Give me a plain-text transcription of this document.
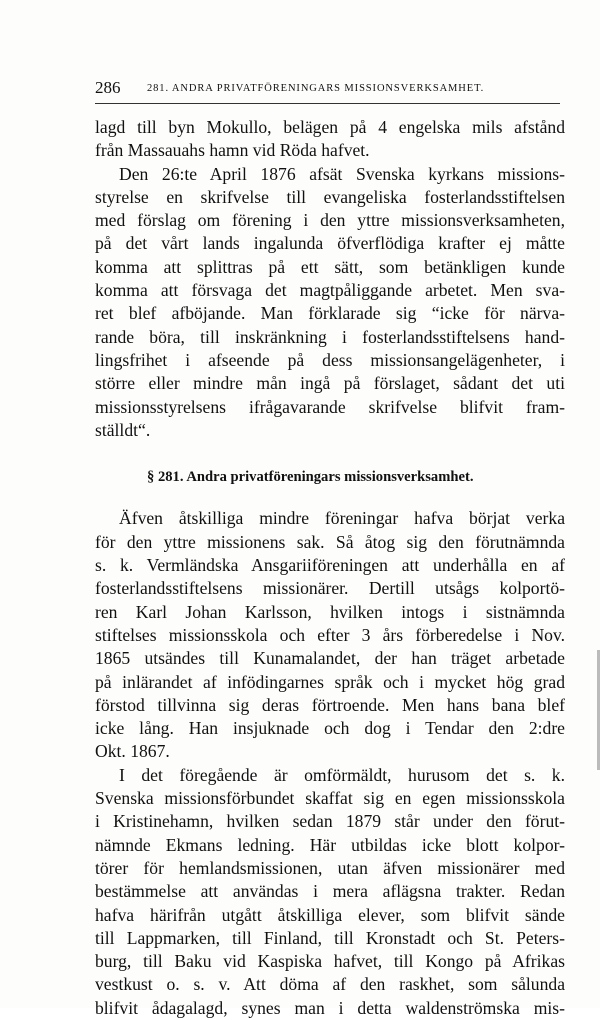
286	281. ANDRA PRIVATFÖRENINGARS MISSIONSVERKSAMHET.
lagd till byn Mokullo, belägen på 4 engelska mils afstånd
från Massauahs hamn vid Röda hafvet.
Den 26:te April 1876 afsät Svenska kyrkans missions-
styrelse en skrifvelse till evangeliska fosterlandsstiftelsen
med förslag om förening i den yttre missionsverksamheten,
på det vårt lands ingalunda öfverflödiga krafter ej måtte
komma att splittras på ett sätt, som betänkligen kunde
komma att försvaga det magtpåliggande arbetet. Men sva-
ret blef afböjande. Man förklarade sig “icke för närva-
rande böra, till inskränkning i fosterlandsstiftelsens hand-
lingsfrihet i afseende på dess missionsangelägenheter, i
större eller mindre mån ingå på förslaget, sådant det uti
missionsstyrelsens ifrågavarande skrifvelse blifvit fram-
ställdt“.
§ 281. Andra privatföreningars missionsverksamhet.
Äfven åtskilliga mindre föreningar hafva börjat verka
för den yttre missionens sak. Så åtog sig den förutnämnda
s. k. Vermländska Ansgariiföreningen att underhålla en af
fosterlandsstiftelsens missionärer. Dertill utsågs kolportö-
ren Karl Johan Karlsson, hvilken intogs i sistnämnda
stiftelses missionsskola och efter 3 års förberedelse i Nov.
1865 utsändes till Kunamalandet, der han träget arbetade
på inlärandet af infödingarnes språk och i mycket hög grad
förstod tillvinna sig deras förtroende. Men hans bana blef
icke lång. Han insjuknade och dog i Tendar den 2:dre
Okt. 1867.
I det föregående är omförmäldt, hurusom det s. k.
Svenska missionsförbundet skaffat sig en egen missionsskola
i Kristinehamn, hvilken sedan 1879 står under den förut-
nämnde Ekmans ledning. Här utbildas icke blott kolpor-
törer för hemlandsmissionen, utan äfven missionärer med
bestämmelse att användas i mera aflägsna trakter. Redan
hafva härifrån utgått åtskilliga elever, som blifvit sände
till Lappmarken, till Finland, till Kronstadt och St. Peters-
burg, till Baku vid Kaspiska hafvet, till Kongo på Afrikas
vestkust o. s. v. Att döma af den raskhet, som sålunda
blifvit ådagalagd, synes man i detta waldenströmska mis-
